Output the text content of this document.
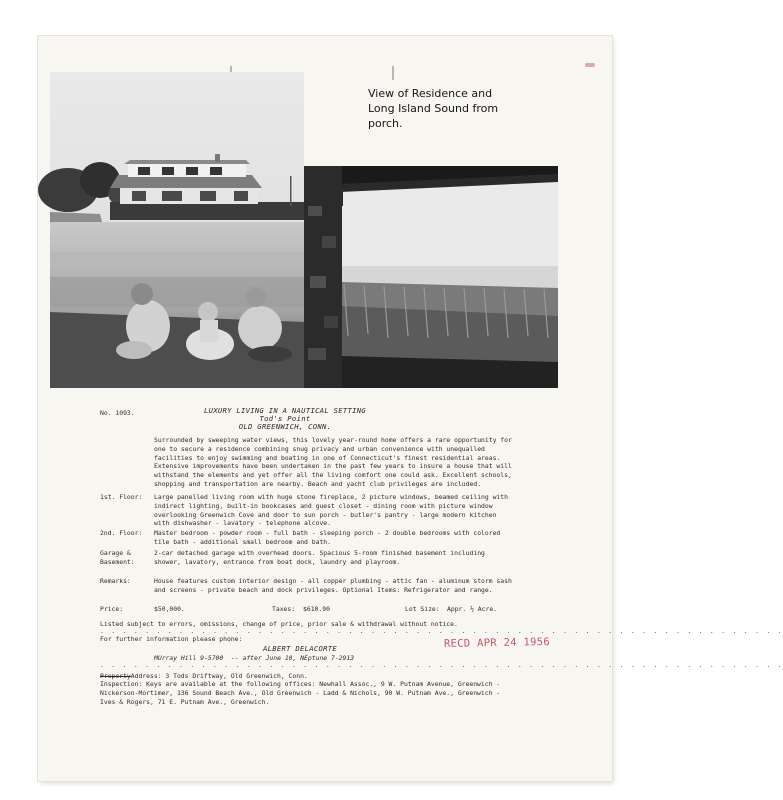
View of Residence and
Long Island Sound from
porch.
No. 1093.	LUXURY LIVING IN A NAUTICAL SETTING
Tod's Point
OLD GREENWICH, CONN.
Surrounded by sweeping water views, this lovely year-round home offers a rare opportunity for one to secure a residence combining snug privacy and urban convenience with unequalled facilities to enjoy swimming and boating in one of Connecticut's finest residential areas. Extensive improvements have been undertaken in the past few years to insure a house that will withstand the elements and yet offer all the living comfort one could ask. Excellent schools, shopping and transportation are nearby. Beach and yacht club privileges are included.
1st. Floor: Large panelled living room with huge stone fireplace, 2 picture windows, beamed ceiling with indirect lighting, built-in bookcases and guest closet - dining room with picture window overlooking Greenwich Cove and door to sun porch - butler's pantry - large modern kitchen with dishwasher - lavatory - telephone alcove.
2nd. Floor: Master bedroom - powder room - full bath - sleeping porch - 2 double bedrooms with colored tile bath - additional small bedroom and bath.
Garage & Basement:
2-car detached garage with overhead doors. Spacious 5-room finished basement including shower, lavatory, entrance from boat dock, laundry and playroom.
Remarks:	House features custom interior design - all copper plumbing - attic fan - aluminum storm sash and screens - private beach and dock privileges. Optional Items: Refrigerator and range.
Price:	$50,000.	Taxes: $610.90	Lot Size: Appr. ½ Acre.
Listed subject to errors, omissions, change of price, prior sale & withdrawal without notice.
. . . . . . . . . . . . . . . . . . . . . . . . . . . . . . . . . . . . . . . . . . . . . . . . . . . . . . . . . . . . .
For further information please phone:
ALBERT DELACORTE
MUrray Hill 9-5700  -- after June 10, NEptune 7-2913
. . . . . . . . . . . . . . . . . . . . . . . . . . . . . . . . . . . . . . . . . . . . . . . . . . . . . . . . . . . . .
RECD APR 24 1956
PropertyAddress: 3 Tods Driftway, Old Greenwich, Conn.
Inspection: Keys are available at the following offices: Newhall Assoc., 9 W. Putnam Avenue, Greenwich - Nickerson-Mortimer, 136 Sound Beach Ave., Old Greenwich - Ladd & Nichols, 90 W. Putnam Ave., Greenwich - Ives & Rogers, 71 E. Putnam Ave., Greenwich.
